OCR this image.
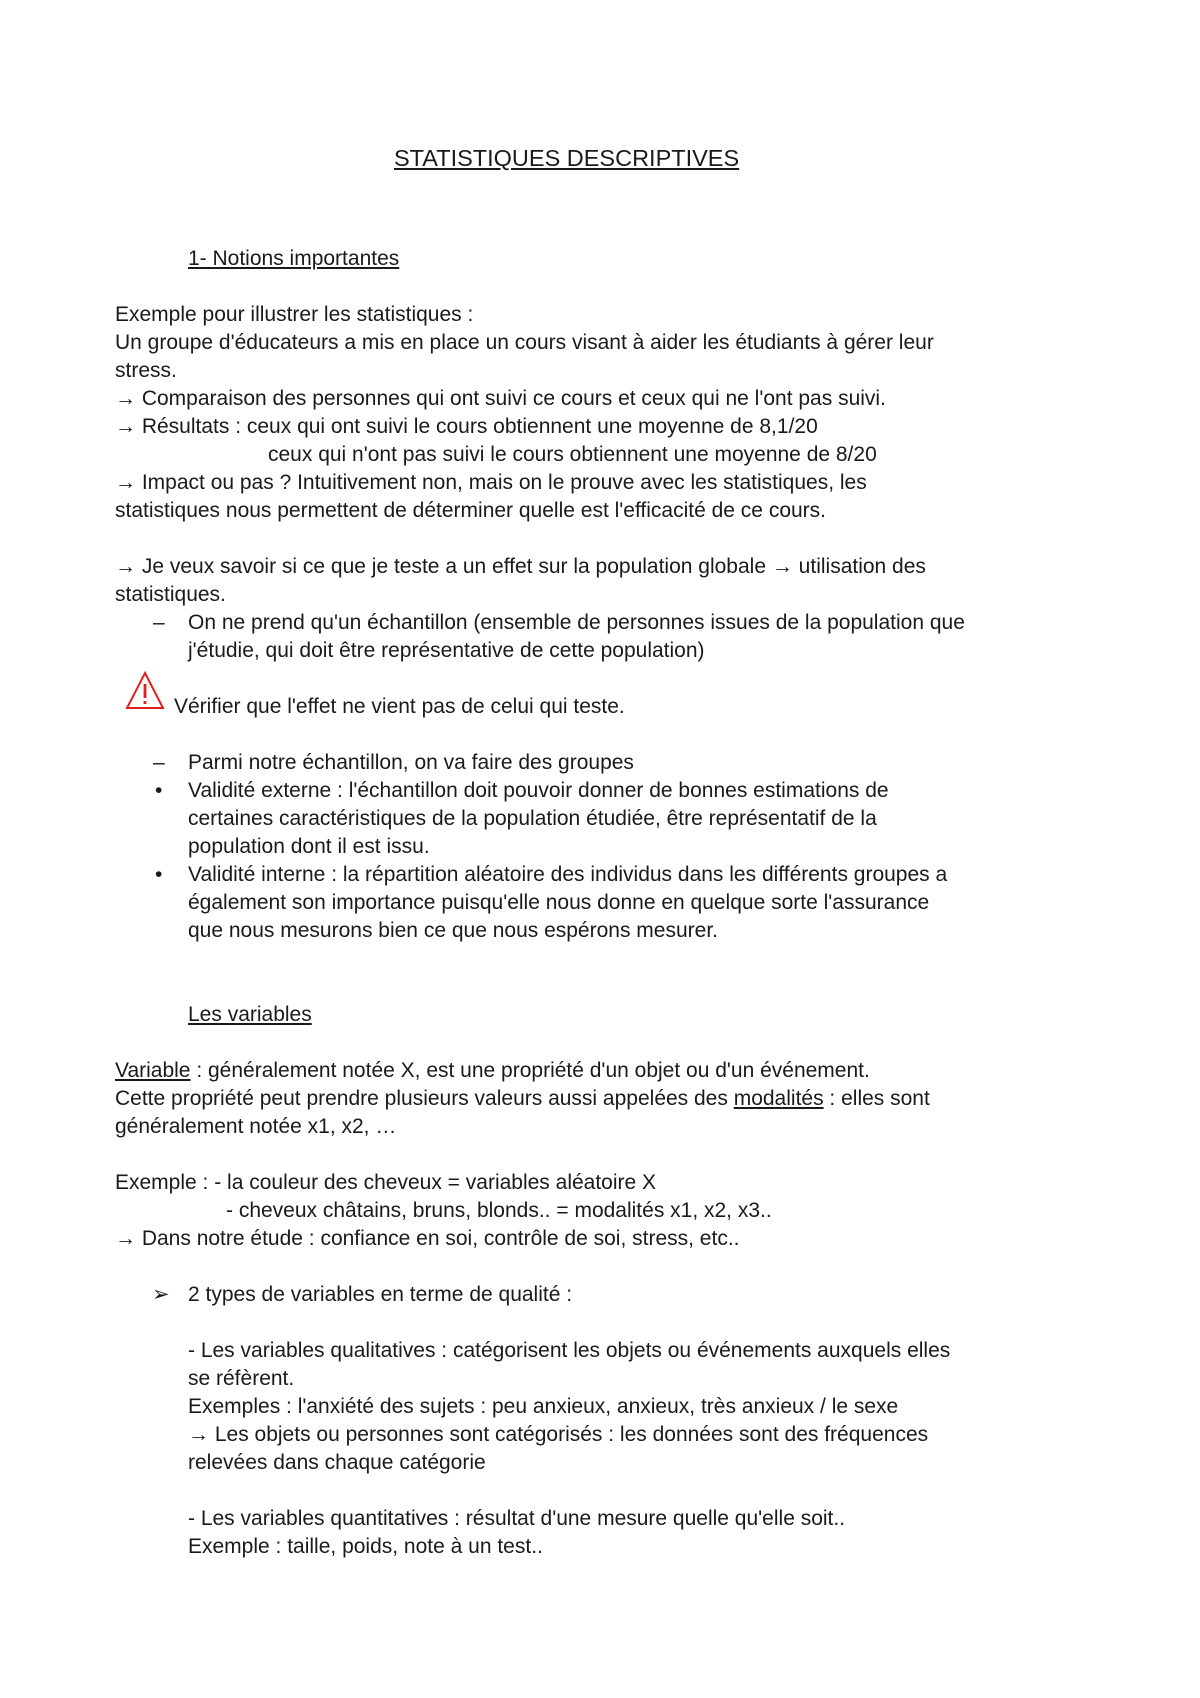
STATISTIQUES DESCRIPTIVES
1- Notions importantes
Exemple pour illustrer les statistiques :
Un groupe d'éducateurs a mis en place un cours visant à aider les étudiants à gérer leur
stress.
→ Comparaison des personnes qui ont suivi ce cours et ceux qui ne l'ont pas suivi.
→ Résultats : ceux qui ont suivi le cours obtiennent une moyenne de 8,1/20
ceux qui n'ont pas suivi le cours obtiennent une moyenne de 8/20
→ Impact ou pas ? Intuitivement non, mais on le prouve avec les statistiques, les
statistiques nous permettent de déterminer quelle est l'efficacité de ce cours.
→ Je veux savoir si ce que je teste a un effet sur la population globale → utilisation des
statistiques.
– On ne prend qu'un échantillon (ensemble de personnes issues de la population que
j'étudie, qui doit être représentative de cette population)
Vérifier que l'effet ne vient pas de celui qui teste.
– Parmi notre échantillon, on va faire des groupes
• Validité externe : l'échantillon doit pouvoir donner de bonnes estimations de
certaines caractéristiques de la population étudiée, être représentatif de la
population dont il est issu.
• Validité interne : la répartition aléatoire des individus dans les différents groupes a
également son importance puisqu'elle nous donne en quelque sorte l'assurance
que nous mesurons bien ce que nous espérons mesurer.
Les variables
Variable : généralement notée X, est une propriété d'un objet ou d'un événement.
Cette propriété peut prendre plusieurs valeurs aussi appelées des modalités : elles sont
généralement notée x1, x2, …
Exemple : - la couleur des cheveux = variables aléatoire X
- cheveux châtains, bruns, blonds.. = modalités x1, x2, x3..
→ Dans notre étude : confiance en soi, contrôle de soi, stress, etc..
➢ 2 types de variables en terme de qualité :
- Les variables qualitatives : catégorisent les objets ou événements auxquels elles
se réfèrent.
Exemples : l'anxiété des sujets : peu anxieux, anxieux, très anxieux / le sexe
→ Les objets ou personnes sont catégorisés : les données sont des fréquences
relevées dans chaque catégorie
- Les variables quantitatives : résultat d'une mesure quelle qu'elle soit..
Exemple : taille, poids, note à un test..
